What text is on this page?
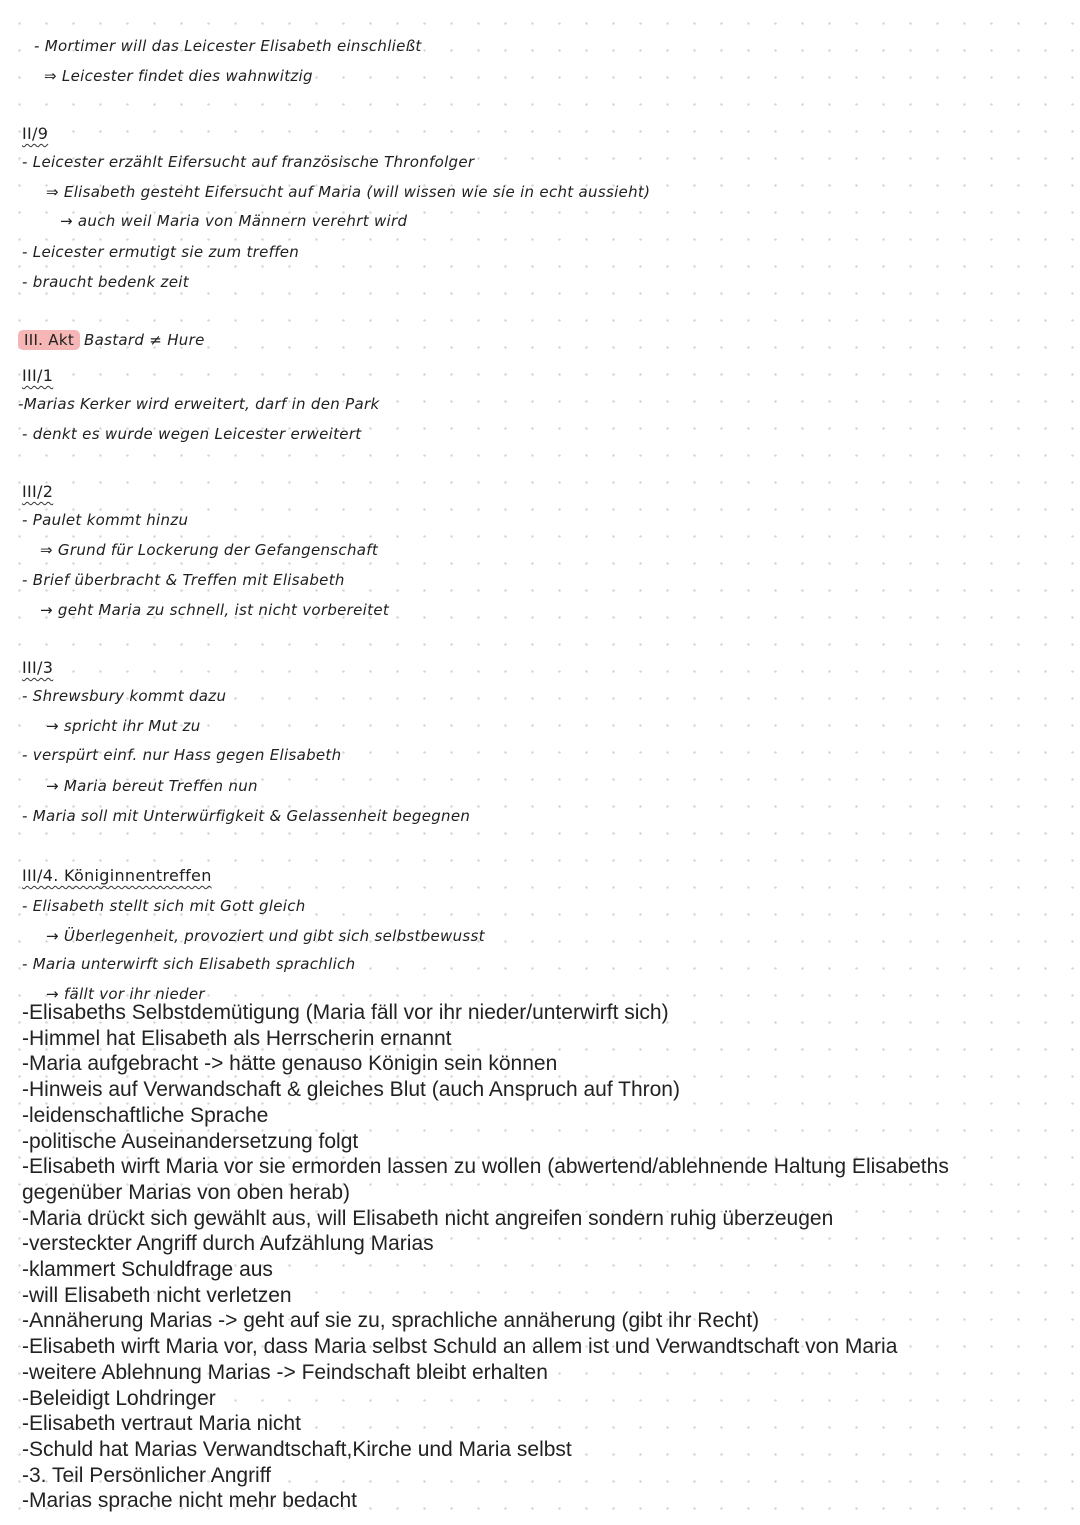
- Mortimer will das Leicester Elisabeth einschließt
⇒ Leicester findet dies wahnwitzig
II/9
- Leicester erzählt Eifersucht auf französische Thronfolger
⇒ Elisabeth gesteht Eifersucht auf Maria (will wissen wie sie in echt aussieht)
→ auch weil Maria von Männern verehrt wird
- Leicester ermutigt sie zum treffen
- braucht bedenk zeit
III. Akt Bastard ≠ Hure
III/1
-Marias Kerker wird erweitert, darf in den Park
- denkt es wurde wegen Leicester erweitert
III/2
- Paulet kommt hinzu
⇒ Grund für Lockerung der Gefangenschaft
- Brief überbracht & Treffen mit Elisabeth
→ geht Maria zu schnell, ist nicht vorbereitet
III/3
- Shrewsbury kommt dazu
→ spricht ihr Mut zu
- verspürt einf. nur Hass gegen Elisabeth
→ Maria bereut Treffen nun
- Maria soll mit Unterwürfigkeit & Gelassenheit begegnen
III/4. Königinnentreffen
- Elisabeth stellt sich mit Gott gleich
→ Überlegenheit, provoziert und gibt sich selbstbewusst
- Maria unterwirft sich Elisabeth sprachlich
→ fällt vor ihr nieder
-Elisabeths Selbstdemütigung (Maria fäll vor ihr nieder/unterwirft sich)
-Himmel hat Elisabeth als Herrscherin ernannt
-Maria aufgebracht -> hätte genauso Königin sein können
-Hinweis auf Verwandschaft & gleiches Blut (auch Anspruch auf Thron)
-leidenschaftliche Sprache
-politische Auseinandersetzung folgt
-Elisabeth wirft Maria vor sie ermorden lassen zu wollen (abwertend/ablehnende Haltung Elisabeths
gegenüber Marias von oben herab)
-Maria drückt sich gewählt aus, will Elisabeth nicht angreifen sondern ruhig überzeugen
-versteckter Angriff durch Aufzählung Marias
-klammert Schuldfrage aus
-will Elisabeth nicht verletzen
-Annäherung Marias -> geht auf sie zu, sprachliche annäherung (gibt ihr Recht)
-Elisabeth wirft Maria vor, dass Maria selbst Schuld an allem ist und Verwandtschaft von Maria
-weitere Ablehnung Marias -> Feindschaft bleibt erhalten
-Beleidigt Lohdringer
-Elisabeth vertraut Maria nicht
-Schuld hat Marias Verwandtschaft,Kirche und Maria selbst
-3. Teil Persönlicher Angriff
-Marias sprache nicht mehr bedacht
